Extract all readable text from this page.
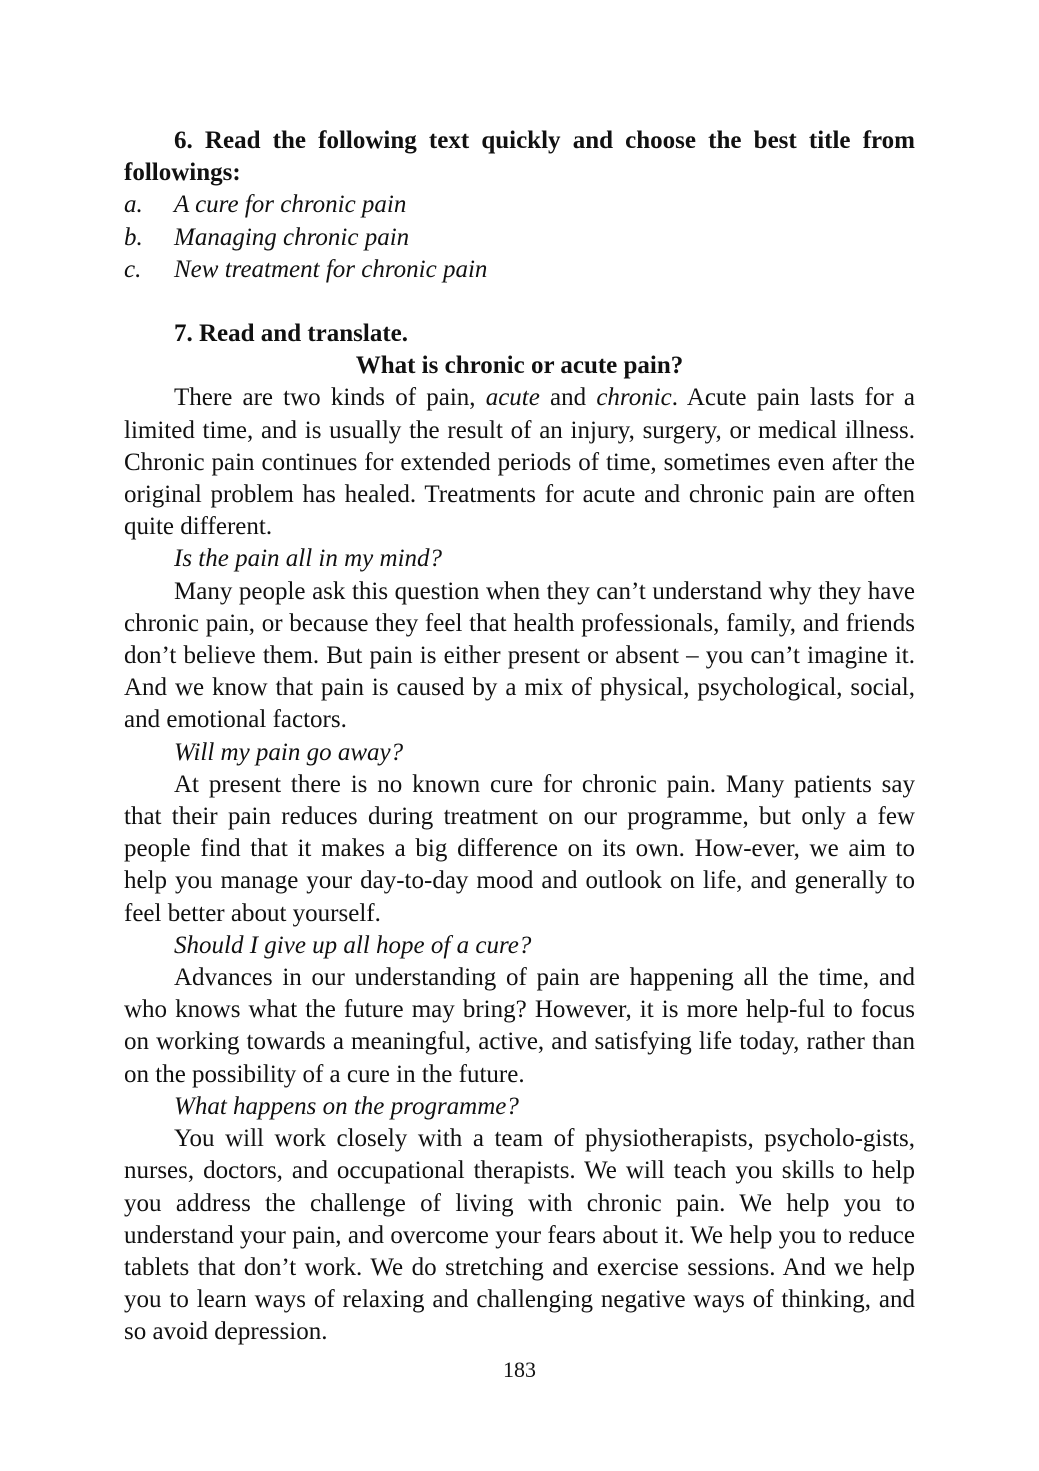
6. Read the following text quickly and choose the best title from followings:

a.	A cure for chronic pain
b.	Managing chronic pain
c.	New treatment for chronic pain

7. Read and translate.

What is chronic or acute pain?

There are two kinds of pain, acute and chronic. Acute pain lasts for a limited time, and is usually the result of an injury, surgery, or medical illness. Chronic pain continues for extended periods of time, sometimes even after the original problem has healed. Treatments for acute and chronic pain are often quite different.

Is the pain all in my mind?

Many people ask this question when they can’t understand why they have chronic pain, or because they feel that health professionals, family, and friends don’t believe them. But pain is either present or absent – you can’t imagine it. And we know that pain is caused by a mix of physical, psychological, social, and emotional factors.

Will my pain go away?

At present there is no known cure for chronic pain. Many patients say that their pain reduces during treatment on our programme, but only a few people find that it makes a big difference on its own. How-ever, we aim to help you manage your day-to-day mood and outlook on life, and generally to feel better about yourself.

Should I give up all hope of a cure?

Advances in our understanding of pain are happening all the time, and who knows what the future may bring? However, it is more help-ful to focus on working towards a meaningful, active, and satisfying life today, rather than on the possibility of a cure in the future.

What happens on the programme?

You will work closely with a team of physiotherapists, psycholo-gists, nurses, doctors, and occupational therapists. We will teach you skills to help you address the challenge of living with chronic pain. We help you to understand your pain, and overcome your fears about it. We help you to reduce tablets that don’t work. We do stretching and exercise sessions. And we help you to learn ways of relaxing and challenging negative ways of thinking, and so avoid depression.

183
